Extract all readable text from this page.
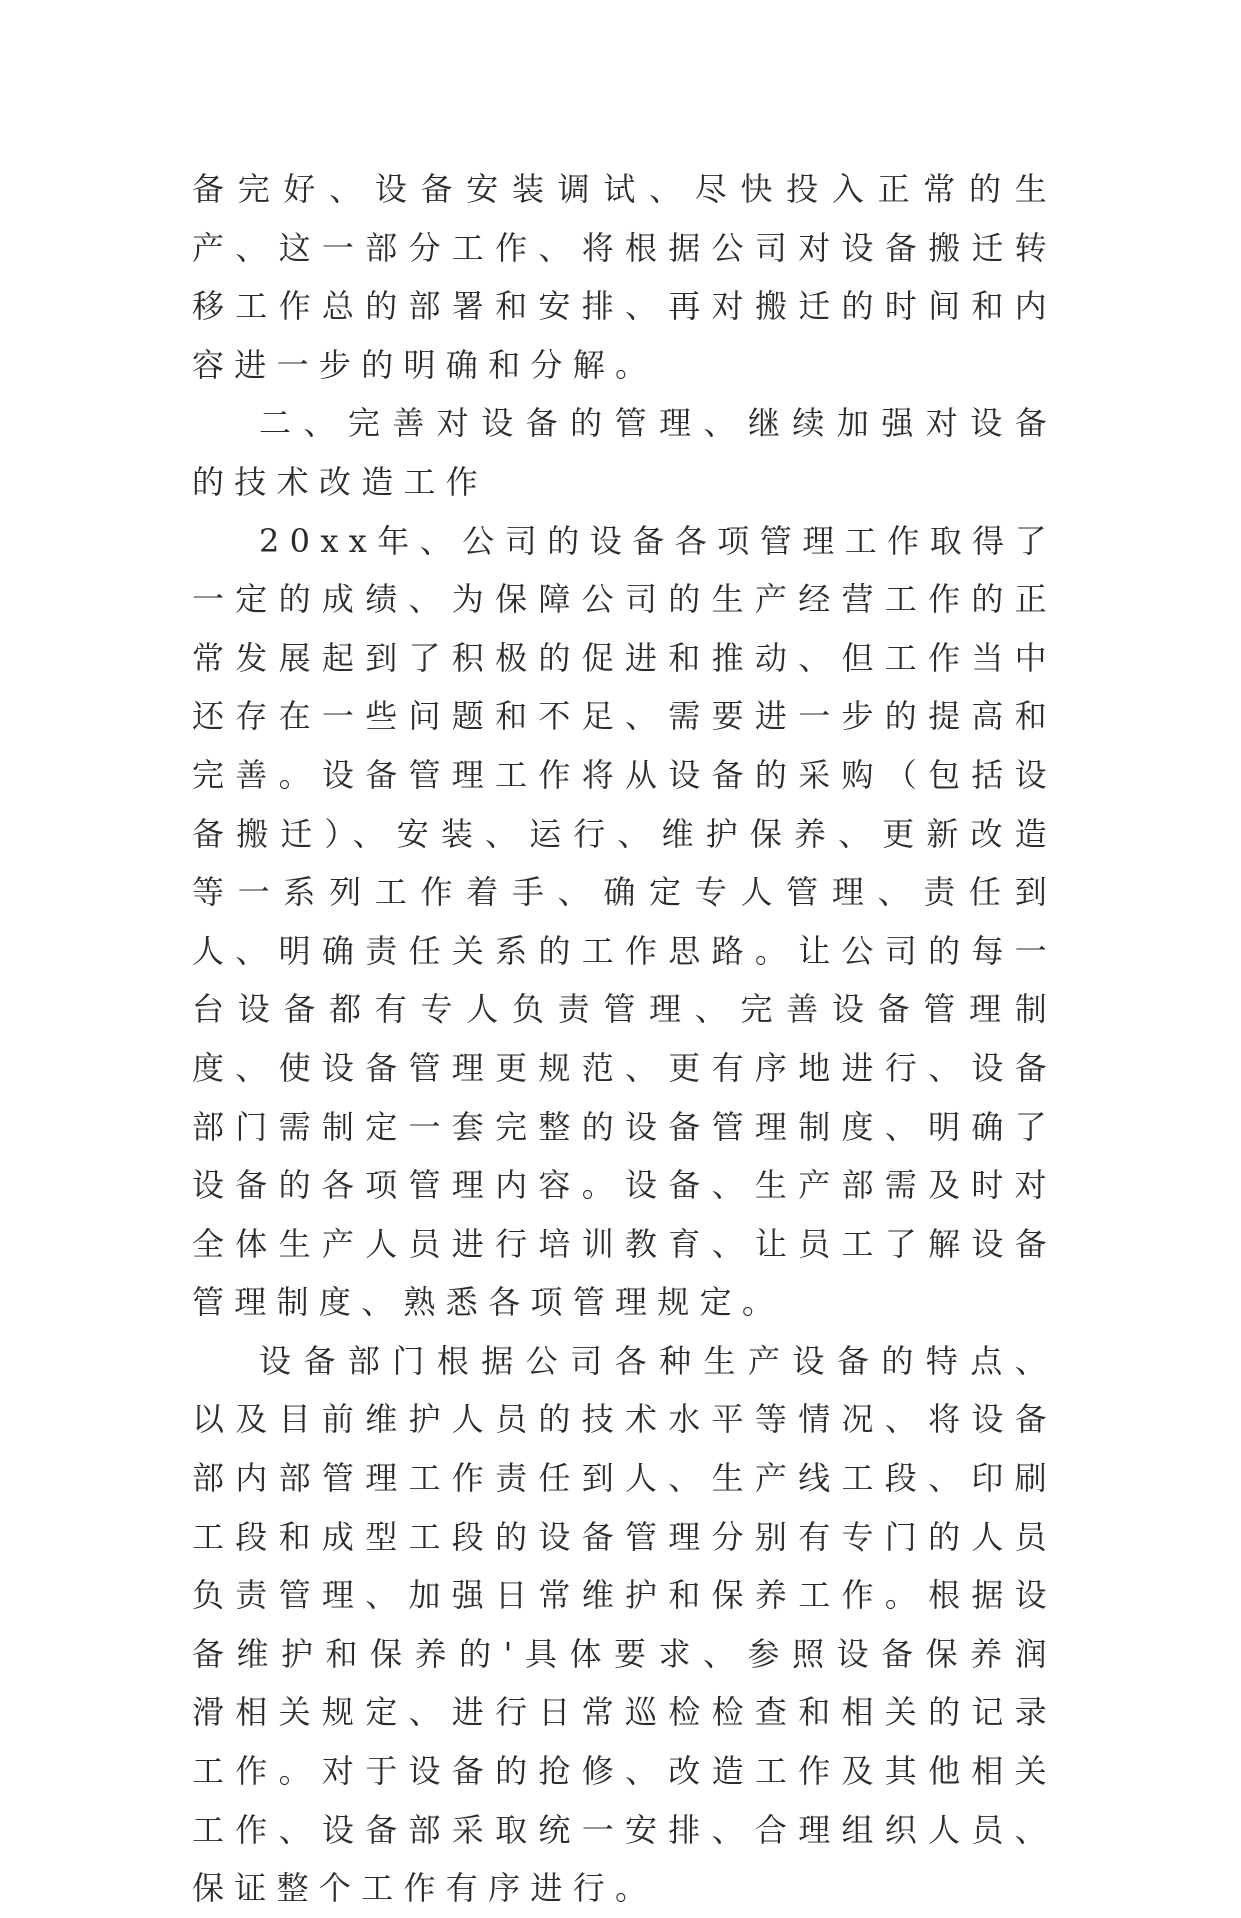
备完好、设备安装调试、尽快投入正常的生产、这一部分工作、将根据公司对设备搬迁转移工作总的部署和安排、再对搬迁的时间和内容进一步的明确和分解。

二、完善对设备的管理、继续加强对设备的技术改造工作

20xx年、公司的设备各项管理工作取得了一定的成绩、为保障公司的生产经营工作的正常发展起到了积极的促进和推动、但工作当中还存在一些问题和不足、需要进一步的提高和完善。设备管理工作将从设备的采购（包括设备搬迁）、安装、运行、维护保养、更新改造等一系列工作着手、确定专人管理、责任到人、明确责任关系的工作思路。让公司的每一台设备都有专人负责管理、完善设备管理制度、使设备管理更规范、更有序地进行、设备部门需制定一套完整的设备管理制度、明确了设备的各项管理内容。设备、生产部需及时对全体生产人员进行培训教育、让员工了解设备管理制度、熟悉各项管理规定。

设备部门根据公司各种生产设备的特点、以及目前维护人员的技术水平等情况、将设备部内部管理工作责任到人、生产线工段、印刷工段和成型工段的设备管理分别有专门的人员负责管理、加强日常维护和保养工作。根据设备维护和保养的'具体要求、参照设备保养润滑相关规定、进行日常巡检检查和相关的记录工作。对于设备的抢修、改造工作及其他相关工作、设备部采取统一安排、合理组织人员、保证整个工作有序进行。
